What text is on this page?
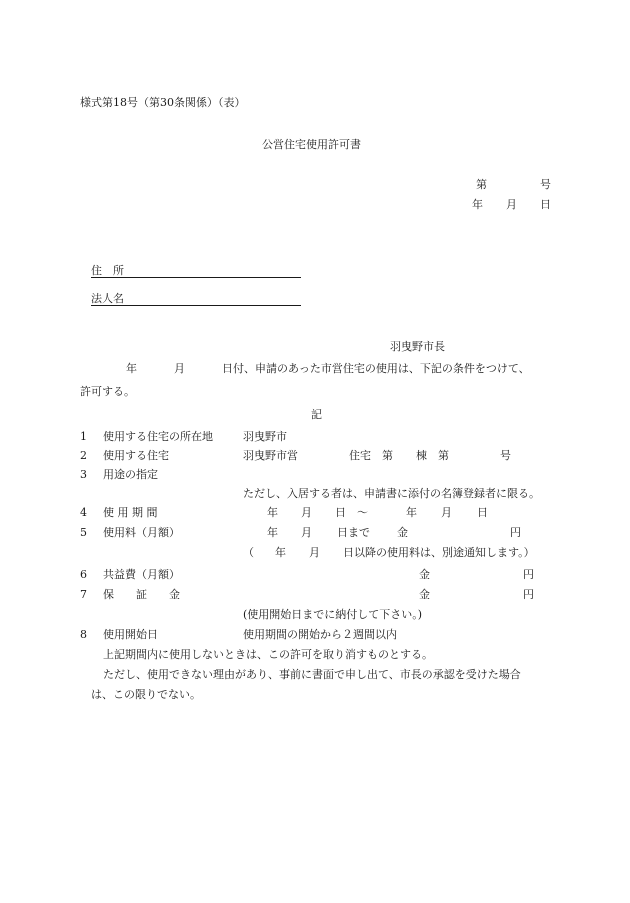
様式第18号（第30条関係）（表）
公営住宅使用許可書
第	号
年 月 日
住　所
法人名
羽曳野市長
年	月	日付、申請のあった市営住宅の使用は、下記の条件をつけて、
許可する。
記
1 使用する住宅の所在地	羽曳野市
2 使用する住宅	羽曳野市営	住宅　第 棟　第	号
3 用途の指定
ただし、入居する者は、申請書に添付の名簿登録者に限る。
4 使 用 期 間	年 月 日 ～	年 月 日
5 使用料（月額）	年 月 日まで 金	円
（ 年 月 日以降の使用料は、別途通知します。）
6 共益費（月額）	金	円
7 保　　証　　金	金	円
(使用開始日までに納付して下さい。)
8 使用開始日	使用期間の開始から２週間以内
上記期間内に使用しないときは、この許可を取り消すものとする。
ただし、使用できない理由があり、事前に書面で申し出て、市長の承認を受けた場合
は、この限りでない。
